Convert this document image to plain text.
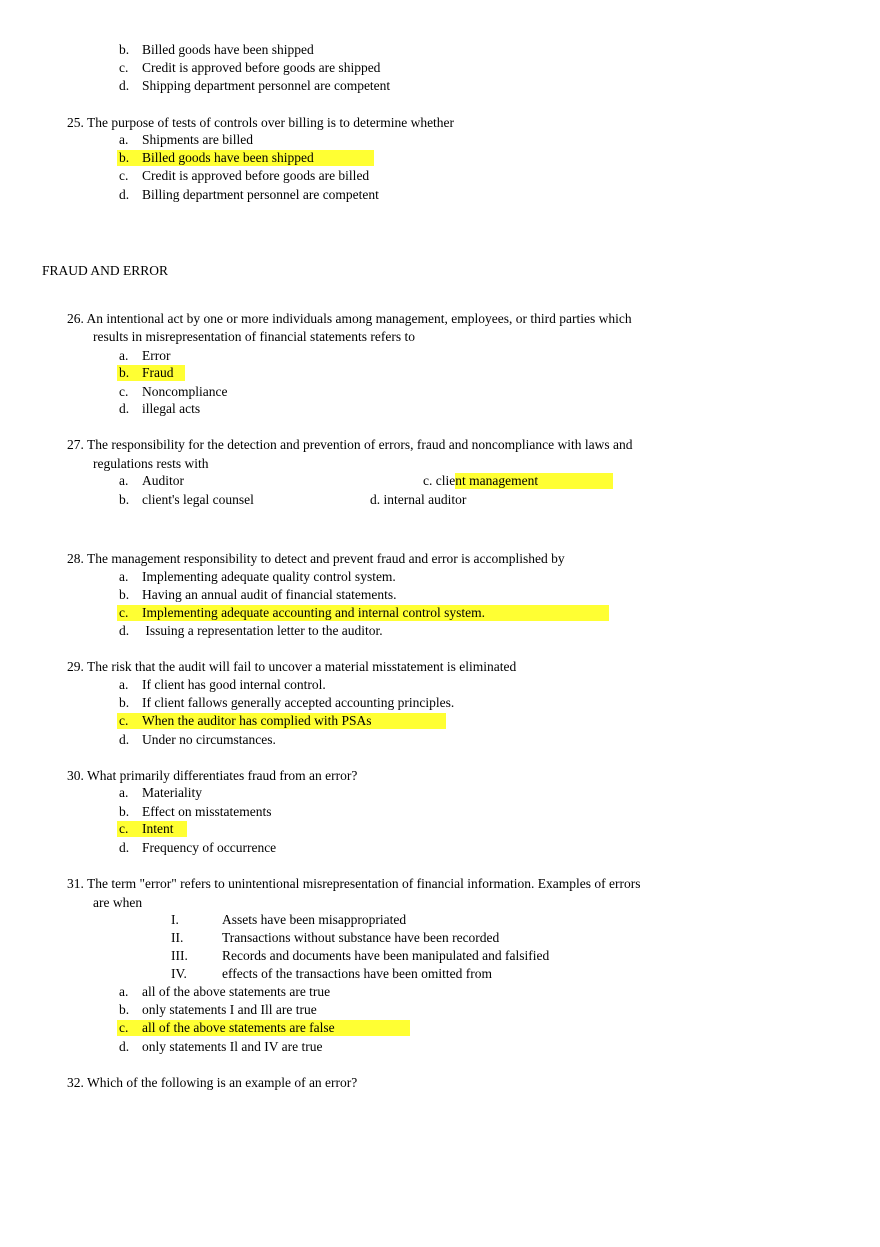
b. Billed goods have been shipped
c. Credit is approved before goods are shipped
d. Shipping department personnel are competent
25. The purpose of tests of controls over billing is to determine whether
a. Shipments are billed
b. Billed goods have been shipped
c. Credit is approved before goods are billed
d. Billing department personnel are competent
FRAUD AND ERROR
26. An intentional act by one or more individuals among management, employees, or third parties which
results in misrepresentation of financial statements refers to
a. Error
b. Fraud
c. Noncompliance
d. illegal acts
27. The responsibility for the detection and prevention of errors, fraud and noncompliance with laws and
regulations rests with
a. Auditor	c. client management
b. client's legal counsel	d. internal auditor
28. The management responsibility to detect and prevent fraud and error is accomplished by
a. Implementing adequate quality control system.
b. Having an annual audit of financial statements.
c. Implementing adequate accounting and internal control system.
d. Issuing a representation letter to the auditor.
29. The risk that the audit will fail to uncover a material misstatement is eliminated
a. If client has good internal control.
b. If client fallows generally accepted accounting principles.
c. When the auditor has complied with PSAs
d. Under no circumstances.
30. What primarily differentiates fraud from an error?
a. Materiality
b. Effect on misstatements
c. Intent
d. Frequency of occurrence
31. The term "error" refers to unintentional misrepresentation of financial information. Examples of errors
are when
I.	Assets have been misappropriated
II.	Transactions without substance have been recorded
III.	Records and documents have been manipulated and falsified
IV.	effects of the transactions have been omitted from
a. all of the above statements are true
b. only statements I and Ill are true
c. all of the above statements are false
d. only statements Il and IV are true
32. Which of the following is an example of an error?
